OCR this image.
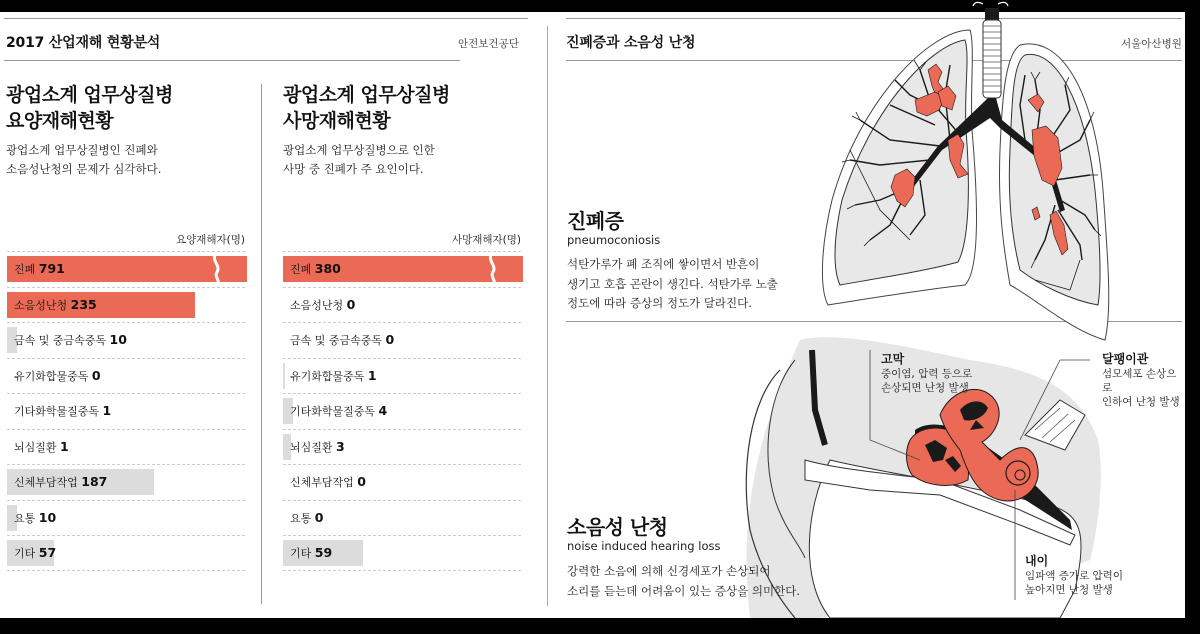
2017 산업재해 현황분석	안전보건공단
광업소계 업무상질병
요양재해현황
광업소계 업무상질병인 진폐와
소음성난청의 문제가 심각하다.
요양재해자(명)
진폐 791
소음성난청 235
금속 및 중금속중독 10
유기화합물중독 0
기타화학물질중독 1
뇌심질환 1
신체부담작업 187
요통 10
기타 57
광업소계 업무상질병
사망재해현황
광업소계 업무상질병으로 인한
사망 중 진폐가 주 요인이다.
사망재해자(명)
진폐 380
소음성난청 0
금속 및 중금속중독 0
유기화합물중독 1
기타화학물질중독 4
뇌심질환 3
신체부담작업 0
요통 0
기타 59
진폐증과 소음성 난청	서울아산병원
진폐증
pneumoconiosis
석탄가루가 폐 조직에 쌓이면서 반흔이
생기고 호흡 곤란이 생긴다. 석탄가루 노출
정도에 따라 증상의 정도가 달라진다.
고막
중이염, 압력 등으로
손상되면 난청 발생
달팽이관
섬모세포 손상으로
인하여 난청 발생
내이
임파액 증가로 압력이
높아지면 난청 발생
소음성 난청
noise induced hearing loss
강력한 소음에 의해 신경세포가 손상되어
소리를 듣는데 어려움이 있는 증상을 의미한다.
